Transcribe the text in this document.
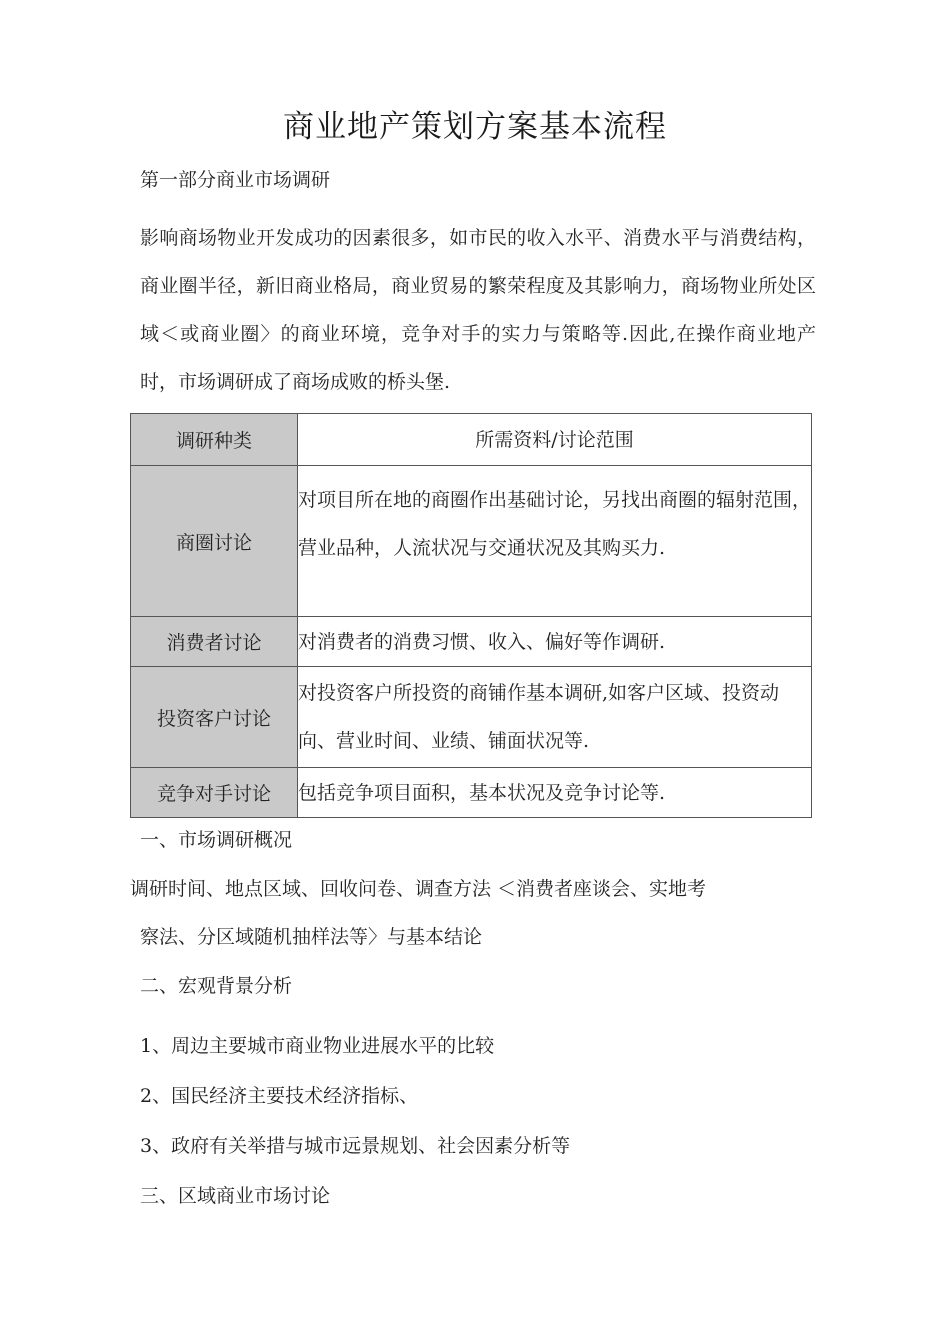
商业地产策划方案基本流程
第一部分商业市场调研
影响商场物业开发成功的因素很多，如市民的收入水平、消费水平与消费结构，商业圈半径，新旧商业格局，商业贸易的繁荣程度及其影响力，商场物业所处区域＜或商业圈〉的商业环境，竞争对手的实力与策略等.因此,在操作商业地产时，市场调研成了商场成败的桥头堡.
调研种类	所需资料/讨论范围
商圈讨论	对项目所在地的商圈作出基础讨论，另找出商圈的辐射范围，营业品种，人流状况与交通状况及其购买力.
消费者讨论	对消费者的消费习惯、收入、偏好等作调研.
投资客户讨论	对投资客户所投资的商铺作基本调研,如客户区域、投资动向、营业时间、业绩、铺面状况等.
竞争对手讨论	包括竞争项目面积，基本状况及竞争讨论等.
一、市场调研概况
调研时间、地点区域、回收问卷、调查方法 ＜消费者座谈会、实地考
察法、分区域随机抽样法等〉与基本结论
二、宏观背景分析
1、周边主要城市商业物业进展水平的比较
2、国民经济主要技术经济指标、
3、政府有关举措与城市远景规划、社会因素分析等
三、区域商业市场讨论
